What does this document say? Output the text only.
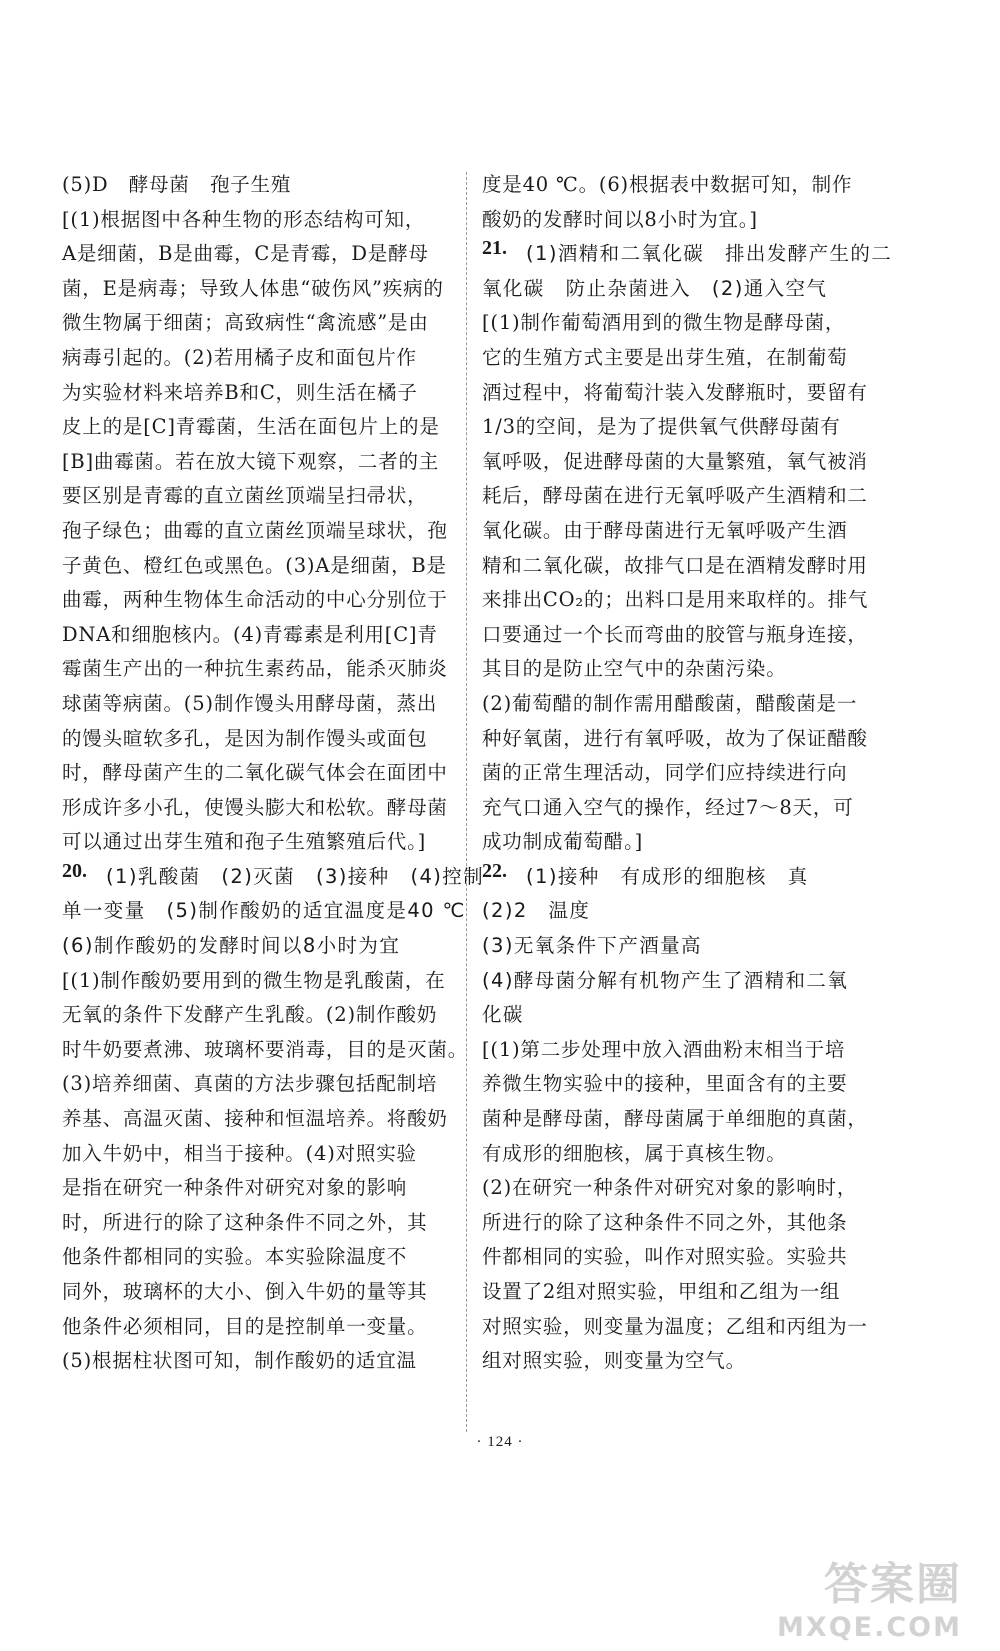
(5)D　酵母菌　孢子生殖
[(1)根据图中各种生物的形态结构可知，
A是细菌，B是曲霉，C是青霉，D是酵母
菌，E是病毒；导致人体患“破伤风”疾病的
微生物属于细菌；高致病性“禽流感”是由
病毒引起的。(2)若用橘子皮和面包片作
为实验材料来培养B和C，则生活在橘子
皮上的是[C]青霉菌，生活在面包片上的是
[B]曲霉菌。若在放大镜下观察，二者的主
要区别是青霉的直立菌丝顶端呈扫帚状，
孢子绿色；曲霉的直立菌丝顶端呈球状，孢
子黄色、橙红色或黑色。(3)A是细菌，B是
曲霉，两种生物体生命活动的中心分别位于
DNA和细胞核内。(4)青霉素是利用[C]青
霉菌生产出的一种抗生素药品，能杀灭肺炎
球菌等病菌。(5)制作馒头用酵母菌，蒸出
的馒头暄软多孔，是因为制作馒头或面包
时，酵母菌产生的二氧化碳气体会在面团中
形成许多小孔，使馒头膨大和松软。酵母菌
可以通过出芽生殖和孢子生殖繁殖后代。]
20. (1)乳酸菌　(2)灭菌　(3)接种　(4)控制
单一变量　(5)制作酸奶的适宜温度是40 ℃
(6)制作酸奶的发酵时间以8小时为宜
[(1)制作酸奶要用到的微生物是乳酸菌，在
无氧的条件下发酵产生乳酸。(2)制作酸奶
时牛奶要煮沸、玻璃杯要消毒，目的是灭菌。
(3)培养细菌、真菌的方法步骤包括配制培
养基、高温灭菌、接种和恒温培养。将酸奶
加入牛奶中，相当于接种。(4)对照实验
是指在研究一种条件对研究对象的影响
时，所进行的除了这种条件不同之外，其
他条件都相同的实验。本实验除温度不
同外，玻璃杯的大小、倒入牛奶的量等其
他条件必须相同，目的是控制单一变量。
(5)根据柱状图可知，制作酸奶的适宜温
度是40 ℃。(6)根据表中数据可知，制作
酸奶的发酵时间以8小时为宜。]
21. (1)酒精和二氧化碳　排出发酵产生的二
氧化碳　防止杂菌进入　(2)通入空气
[(1)制作葡萄酒用到的微生物是酵母菌，
它的生殖方式主要是出芽生殖，在制葡萄
酒过程中，将葡萄汁装入发酵瓶时，要留有
1/3的空间，是为了提供氧气供酵母菌有
氧呼吸，促进酵母菌的大量繁殖，氧气被消
耗后，酵母菌在进行无氧呼吸产生酒精和二
氧化碳。由于酵母菌进行无氧呼吸产生酒
精和二氧化碳，故排气口是在酒精发酵时用
来排出CO₂的；出料口是用来取样的。排气
口要通过一个长而弯曲的胶管与瓶身连接，
其目的是防止空气中的杂菌污染。
(2)葡萄醋的制作需用醋酸菌，醋酸菌是一
种好氧菌，进行有氧呼吸，故为了保证醋酸
菌的正常生理活动，同学们应持续进行向
充气口通入空气的操作，经过7～8天，可
成功制成葡萄醋。]
22. (1)接种　有成形的细胞核　真
(2)2　温度
(3)无氧条件下产酒量高
(4)酵母菌分解有机物产生了酒精和二氧
化碳
[(1)第二步处理中放入酒曲粉末相当于培
养微生物实验中的接种，里面含有的主要
菌种是酵母菌，酵母菌属于单细胞的真菌，
有成形的细胞核，属于真核生物。
(2)在研究一种条件对研究对象的影响时，
所进行的除了这种条件不同之外，其他条
件都相同的实验，叫作对照实验。实验共
设置了2组对照实验，甲组和乙组为一组
对照实验，则变量为温度；乙组和丙组为一
组对照实验，则变量为空气。
· 124 ·
答案圈
MXQE.COM
